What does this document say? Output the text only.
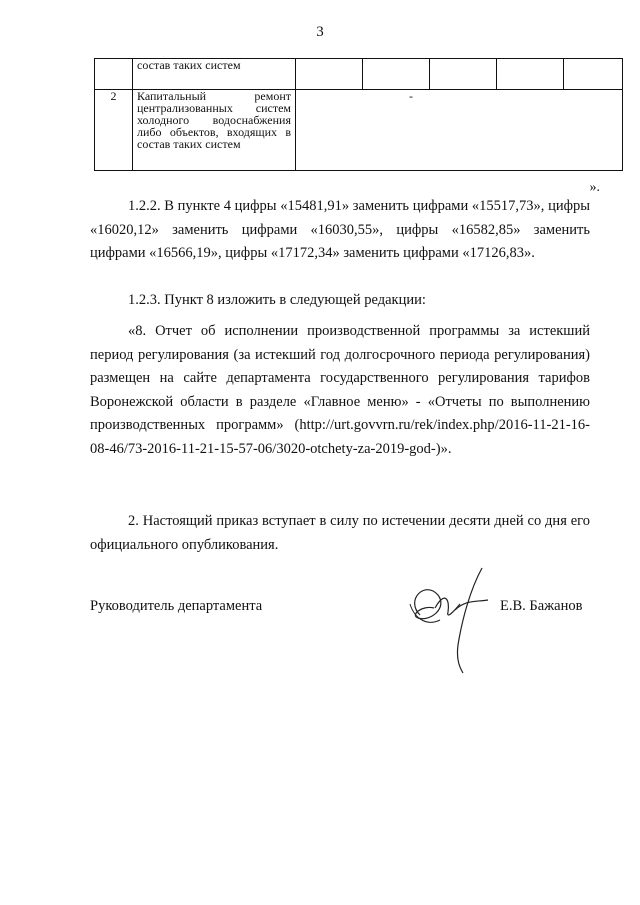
3
	состав таких систем					
2	Капитальный ремонт централизованных систем холодного водоснабжения либо объектов, входящих в состав таких систем	-				
».

1.2.2. В пункте 4 цифры «15481,91» заменить цифрами «15517,73», цифры «16020,12» заменить цифрами «16030,55», цифры «16582,85» заменить цифрами «16566,19», цифры «17172,34» заменить цифрами «17126,83».

1.2.3. Пункт 8 изложить в следующей редакции:

«8. Отчет об исполнении производственной программы за истекший период регулирования (за истекший год долгосрочного периода регулирования) размещен на сайте департамента государственного регулирования тарифов Воронежской области в разделе «Главное меню» - «Отчеты по выполнению производственных программ» (http://urt.govvrn.ru/rek/index.php/2016-11-21-16-08-46/73-2016-11-21-15-57-06/3020-otchety-za-2019-god-)».

2. Настоящий приказ вступает в силу по истечении десяти дней со дня его официального опубликования.

Руководитель департамента	Е.В. Бажанов
